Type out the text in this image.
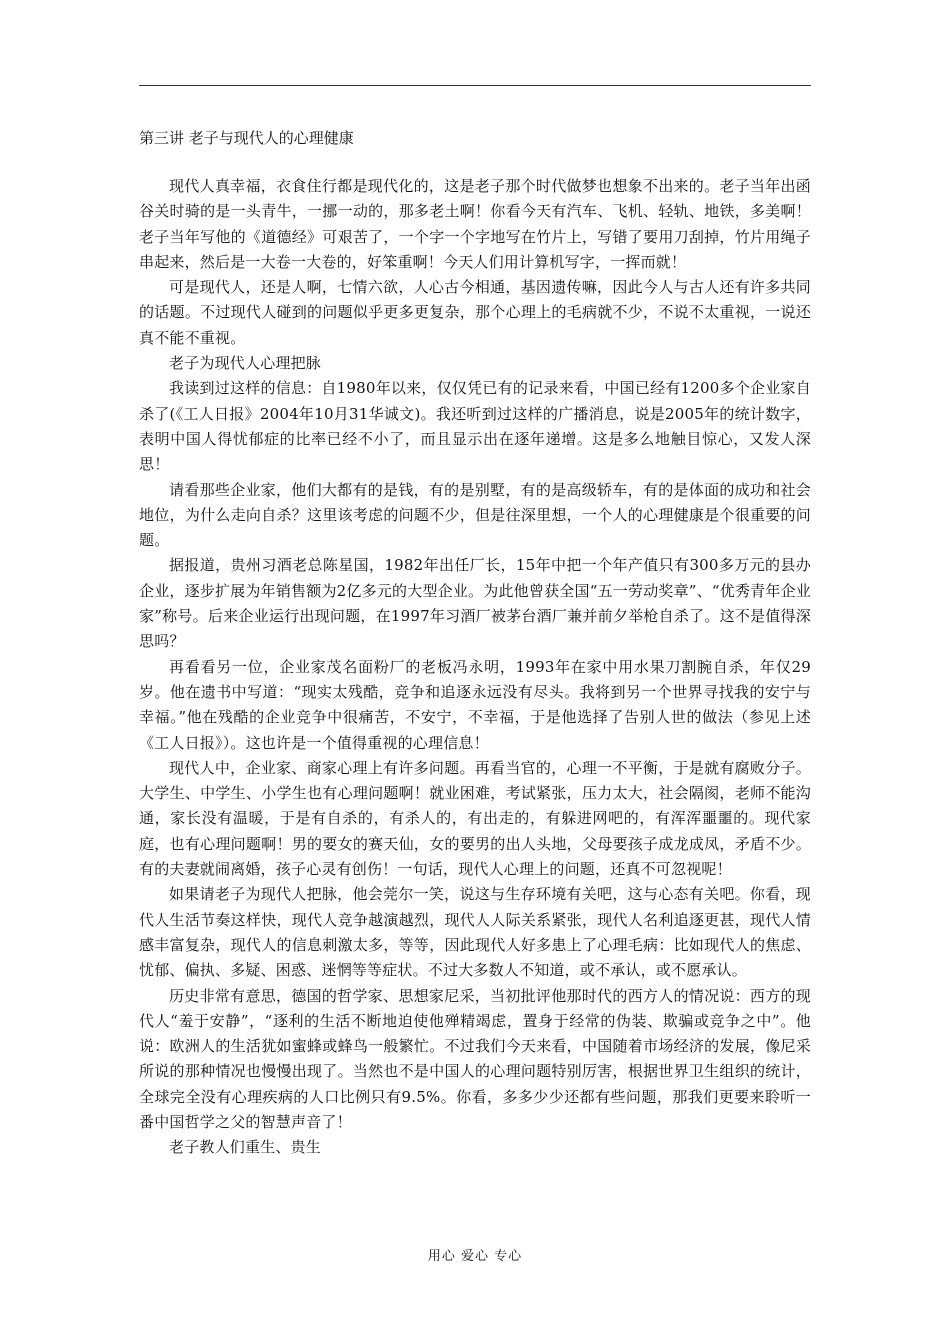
第三讲 老子与现代人的心理健康

现代人真幸福，衣食住行都是现代化的，这是老子那个时代做梦也想象不出来的。老子当年出函谷关时骑的是一头青牛，一挪一动的，那多老土啊！你看今天有汽车、飞机、轻轨、地铁，多美啊！老子当年写他的《道德经》可艰苦了，一个字一个字地写在竹片上，写错了要用刀刮掉，竹片用绳子串起来，然后是一大卷一大卷的，好笨重啊！今天人们用计算机写字，一挥而就！

可是现代人，还是人啊，七情六欲，人心古今相通，基因遗传嘛，因此今人与古人还有许多共同的话题。不过现代人碰到的问题似乎更多更复杂，那个心理上的毛病就不少，不说不太重视，一说还真不能不重视。

老子为现代人心理把脉

我读到过这样的信息：自1980年以来，仅仅凭已有的记录来看，中国已经有1200多个企业家自杀了(《工人日报》2004年10月31华诚文)。我还听到过这样的广播消息，说是2005年的统计数字，表明中国人得忧郁症的比率已经不小了，而且显示出在逐年递增。这是多么地触目惊心，又发人深思！

请看那些企业家，他们大都有的是钱，有的是别墅，有的是高级轿车，有的是体面的成功和社会地位，为什么走向自杀？这里该考虑的问题不少，但是往深里想，一个人的心理健康是个很重要的问题。

据报道，贵州习酒老总陈星国，1982年出任厂长，15年中把一个年产值只有300多万元的县办企业，逐步扩展为年销售额为2亿多元的大型企业。为此他曾获全国“五一劳动奖章”、“优秀青年企业家”称号。后来企业运行出现问题，在1997年习酒厂被茅台酒厂兼并前夕举枪自杀了。这不是值得深思吗？

再看看另一位，企业家茂名面粉厂的老板冯永明，1993年在家中用水果刀割腕自杀，年仅29岁。他在遗书中写道：“现实太残酷，竞争和追逐永远没有尽头。我将到另一个世界寻找我的安宁与幸福。”他在残酷的企业竞争中很痛苦，不安宁，不幸福，于是他选择了告别人世的做法（参见上述《工人日报》）。这也许是一个值得重视的心理信息！

现代人中，企业家、商家心理上有许多问题。再看当官的，心理一不平衡，于是就有腐败分子。大学生、中学生、小学生也有心理问题啊！就业困难，考试紧张，压力太大，社会隔阂，老师不能沟通，家长没有温暖，于是有自杀的，有杀人的，有出走的，有躲进网吧的，有浑浑噩噩的。现代家庭，也有心理问题啊！男的要女的赛天仙，女的要男的出人头地，父母要孩子成龙成凤，矛盾不少。有的夫妻就闹离婚，孩子心灵有创伤！一句话，现代人心理上的问题，还真不可忽视呢！

如果请老子为现代人把脉，他会莞尔一笑，说这与生存环境有关吧，这与心态有关吧。你看，现代人生活节奏这样快，现代人竞争越演越烈，现代人人际关系紧张，现代人名利追逐更甚，现代人情感丰富复杂，现代人的信息刺激太多，等等，因此现代人好多患上了心理毛病：比如现代人的焦虑、忧郁、偏执、多疑、困惑、迷惘等等症状。不过大多数人不知道，或不承认，或不愿承认。

历史非常有意思，德国的哲学家、思想家尼采，当初批评他那时代的西方人的情况说：西方的现代人“羞于安静”，“逐利的生活不断地迫使他殚精竭虑，置身于经常的伪装、欺骗或竞争之中”。他说：欧洲人的生活犹如蜜蜂或蜂鸟一般繁忙。不过我们今天来看，中国随着市场经济的发展，像尼采所说的那种情况也慢慢出现了。当然也不是中国人的心理问题特别厉害，根据世界卫生组织的统计，全球完全没有心理疾病的人口比例只有9.5%。你看，多多少少还都有些问题，那我们更要来聆听一番中国哲学之父的智慧声音了！

老子教人们重生、贵生

用心 爱心 专心
